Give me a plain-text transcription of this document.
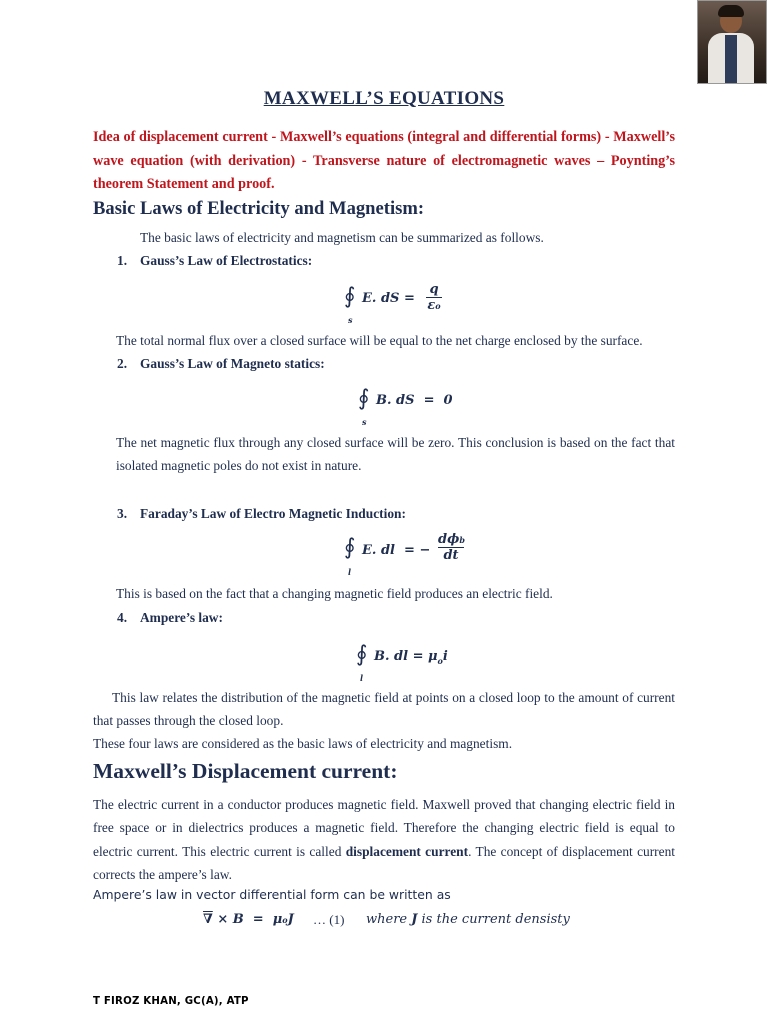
MAXWELL’S EQUATIONS
Idea of displacement current - Maxwell’s equations (integral and differential forms) - Maxwell’s wave equation (with derivation) - Transverse nature of electromagnetic waves – Poynting’s theorem Statement and proof.
Basic Laws of Electricity and Magnetism:
The basic laws of electricity and magnetism can be summarized as follows.
1. Gauss’s Law of Electrostatics:
∮
s
E. dS =
q
εo
The total normal flux over a closed surface will be equal to the net charge enclosed by the surface.
2. Gauss’s Law of Magneto statics:
∮
s
B. dS  =  0
The net magnetic flux through any closed surface will be zero. This conclusion is based on the fact that isolated magnetic poles do not exist in nature.
3. Faraday’s Law of Electro Magnetic Induction:
∮
l
E. dl  = −
dϕb
dt
This is based on the fact that a changing magnetic field produces an electric field.
4. Ampere’s law:
∮
l
B. dl = $\mu_oi$
This law relates the distribution of the magnetic field at points on a closed loop to the amount of current that passes through the closed loop.
These four laws are considered as the basic laws of electricity and magnetism.
Maxwell’s Displacement current:
The electric current in a conductor produces magnetic field. Maxwell proved that changing electric field in free space or in dielectrics produces a magnetic field. Therefore the changing electric field is equal to electric current. This electric current is called displacement current. The concept of displacement current corrects the ampere’s law.
Ampere’s law in vector differential form can be written as
∇ × B  =  μoJ … (1) where J is the current densisty
T FIROZ KHAN, GC(A), ATP
